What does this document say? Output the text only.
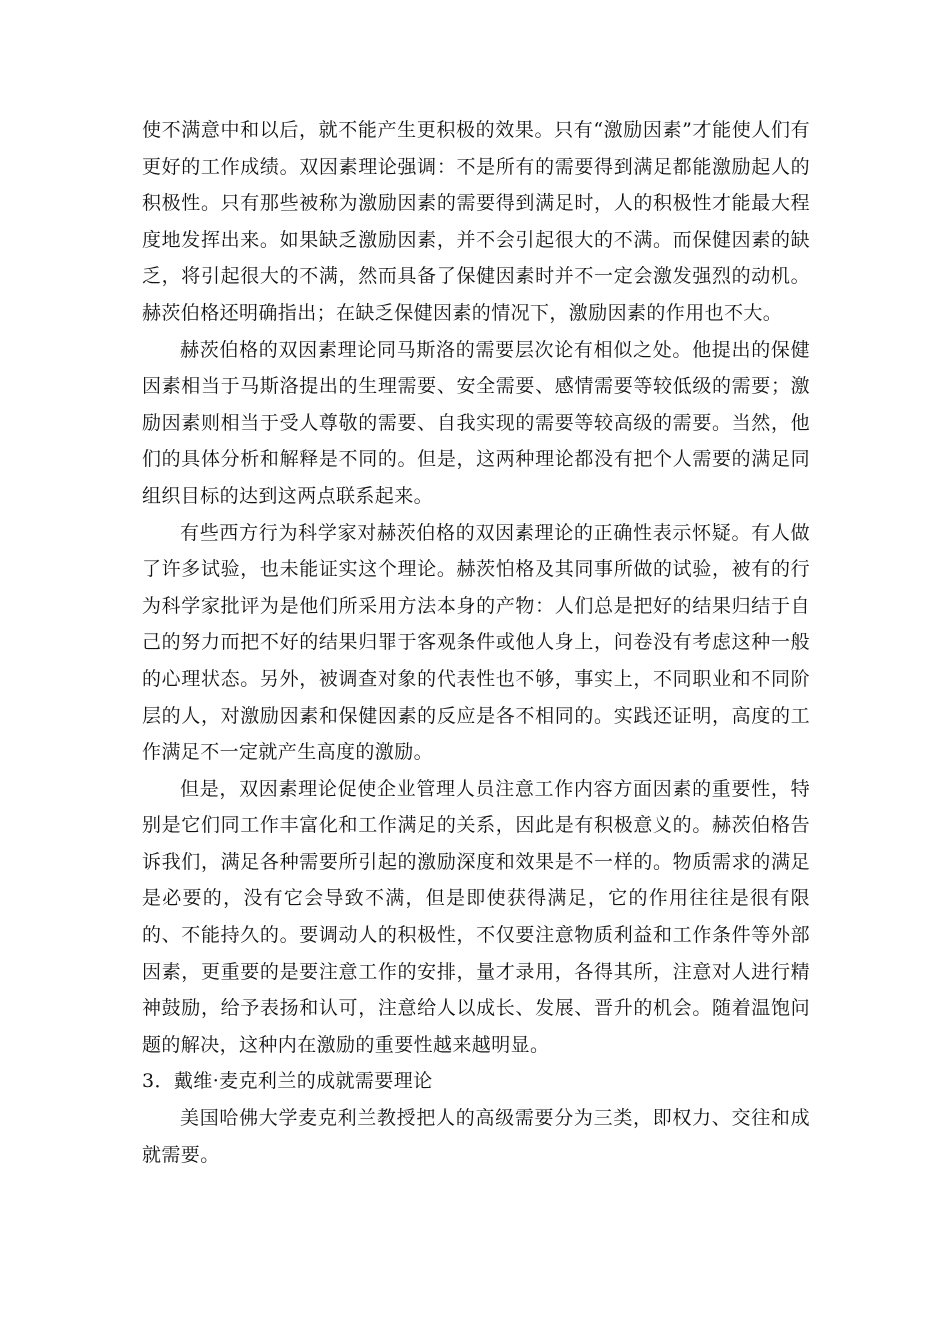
使不满意中和以后，就不能产生更积极的效果。只有“激励因素”才能使人们有更好的工作成绩。双因素理论强调：不是所有的需要得到满足都能激励起人的积极性。只有那些被称为激励因素的需要得到满足时，人的积极性才能最大程度地发挥出来。如果缺乏激励因素，并不会引起很大的不满。而保健因素的缺乏，将引起很大的不满，然而具备了保健因素时并不一定会激发强烈的动机。赫茨伯格还明确指出；在缺乏保健因素的情况下，激励因素的作用也不大。

赫茨伯格的双因素理论同马斯洛的需要层次论有相似之处。他提出的保健因素相当于马斯洛提出的生理需要、安全需要、感情需要等较低级的需要；激励因素则相当于受人尊敬的需要、自我实现的需要等较高级的需要。当然，他们的具体分析和解释是不同的。但是，这两种理论都没有把个人需要的满足同组织目标的达到这两点联系起来。

有些西方行为科学家对赫茨伯格的双因素理论的正确性表示怀疑。有人做了许多试验，也未能证实这个理论。赫茨怕格及其同事所做的试验，被有的行为科学家批评为是他们所采用方法本身的产物：人们总是把好的结果归结于自己的努力而把不好的结果归罪于客观条件或他人身上，问卷没有考虑这种一般的心理状态。另外，被调查对象的代表性也不够，事实上，不同职业和不同阶层的人，对激励因素和保健因素的反应是各不相同的。实践还证明，高度的工作满足不一定就产生高度的激励。

但是，双因素理论促使企业管理人员注意工作内容方面因素的重要性，特别是它们同工作丰富化和工作满足的关系，因此是有积极意义的。赫茨伯格告诉我们，满足各种需要所引起的激励深度和效果是不一样的。物质需求的满足是必要的，没有它会导致不满，但是即使获得满足，它的作用往往是很有限的、不能持久的。要调动人的积极性，不仅要注意物质利益和工作条件等外部因素，更重要的是要注意工作的安排，量才录用，各得其所，注意对人进行精神鼓励，给予表扬和认可，注意给人以成长、发展、晋升的机会。随着温饱问题的解决，这种内在激励的重要性越来越明显。

3．戴维·麦克利兰的成就需要理论

美国哈佛大学麦克利兰教授把人的高级需要分为三类，即权力、交往和成就需要。
